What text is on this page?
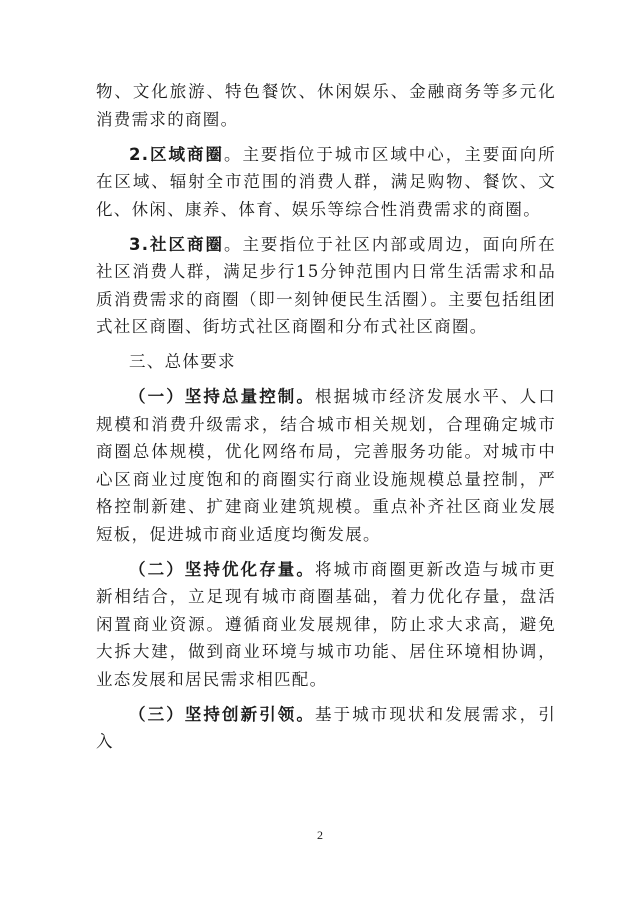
物、文化旅游、特色餐饮、休闲娱乐、金融商务等多元化消费需求的商圈。

2.区域商圈。主要指位于城市区域中心，主要面向所在区域、辐射全市范围的消费人群，满足购物、餐饮、文化、休闲、康养、体育、娱乐等综合性消费需求的商圈。

3.社区商圈。主要指位于社区内部或周边，面向所在社区消费人群，满足步行15分钟范围内日常生活需求和品质消费需求的商圈（即一刻钟便民生活圈）。主要包括组团式社区商圈、街坊式社区商圈和分布式社区商圈。

三、总体要求

（一）坚持总量控制。根据城市经济发展水平、人口规模和消费升级需求，结合城市相关规划，合理确定城市商圈总体规模，优化网络布局，完善服务功能。对城市中心区商业过度饱和的商圈实行商业设施规模总量控制，严格控制新建、扩建商业建筑规模。重点补齐社区商业发展短板，促进城市商业适度均衡发展。

（二）坚持优化存量。将城市商圈更新改造与城市更新相结合，立足现有城市商圈基础，着力优化存量，盘活闲置商业资源。遵循商业发展规律，防止求大求高，避免大拆大建，做到商业环境与城市功能、居住环境相协调，业态发展和居民需求相匹配。

（三）坚持创新引领。基于城市现状和发展需求，引入

2
